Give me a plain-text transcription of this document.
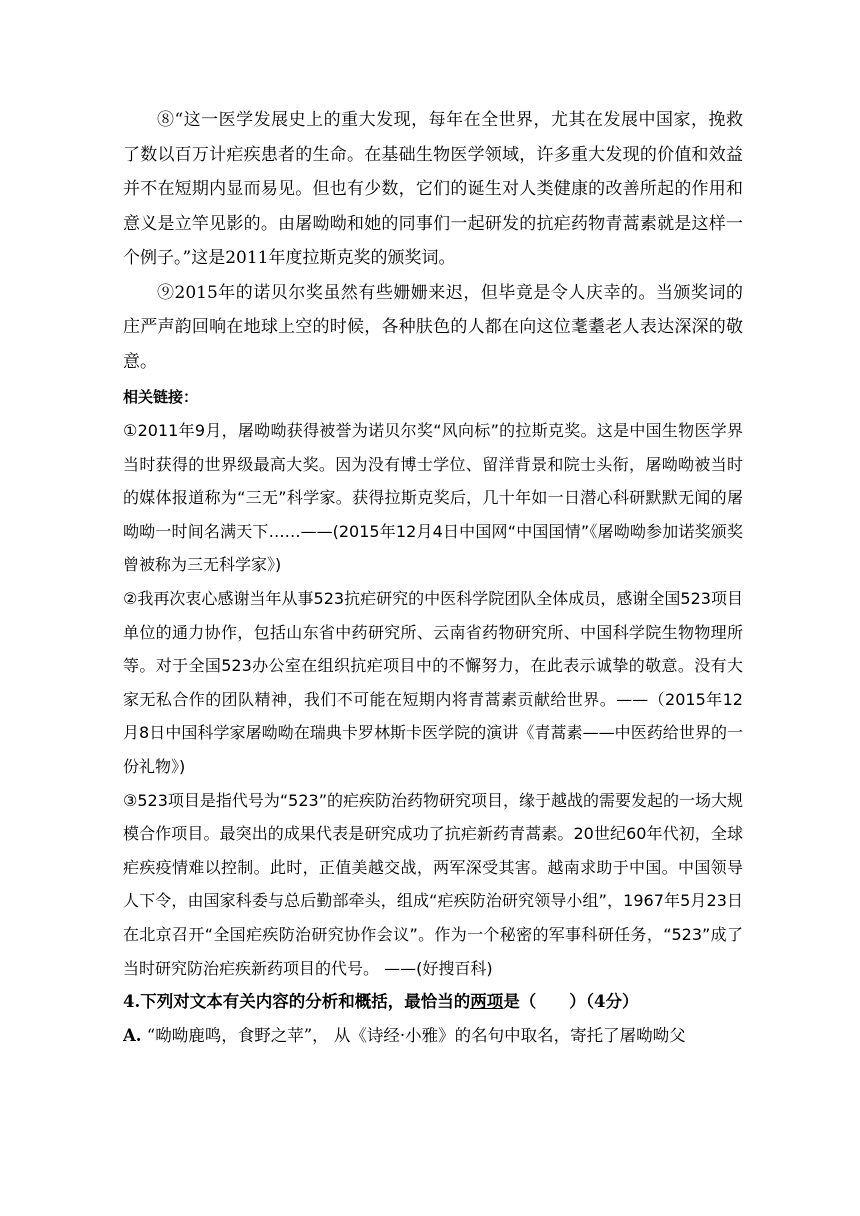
⑧“这一医学发展史上的重大发现，每年在全世界，尤其在发展中国家，挽救了数以百万计疟疾患者的生命。在基础生物医学领域，许多重大发现的价值和效益并不在短期内显而易见。但也有少数，它们的诞生对人类健康的改善所起的作用和意义是立竿见影的。由屠呦呦和她的同事们一起研发的抗疟药物青蒿素就是这样一个例子。”这是2011年度拉斯克奖的颁奖词。

⑨2015年的诺贝尔奖虽然有些姗姗来迟，但毕竟是令人庆幸的。当颁奖词的庄严声韵回响在地球上空的时候，各种肤色的人都在向这位耄耋老人表达深深的敬意。

相关链接：

①2011年9月，屠呦呦获得被誉为诺贝尔奖“风向标”的拉斯克奖。这是中国生物医学界当时获得的世界级最高大奖。因为没有博士学位、留洋背景和院士头衔，屠呦呦被当时的媒体报道称为“三无”科学家。获得拉斯克奖后，几十年如一日潜心科研默默无闻的屠呦呦一时间名满天下……——(2015年12月4日中国网“中国国情”《屠呦呦参加诺奖颁奖曾被称为三无科学家》)

②我再次衷心感谢当年从事523抗疟研究的中医科学院团队全体成员，感谢全国523项目单位的通力协作，包括山东省中药研究所、云南省药物研究所、中国科学院生物物理所等。对于全国523办公室在组织抗疟项目中的不懈努力，在此表示诚挚的敬意。没有大家无私合作的团队精神，我们不可能在短期内将青蒿素贡献给世界。——（2015年12月8日中国科学家屠呦呦在瑞典卡罗林斯卡医学院的演讲《青蒿素——中医药给世界的一份礼物》)

③523项目是指代号为“523”的疟疾防治药物研究项目，缘于越战的需要发起的一场大规模合作项目。最突出的成果代表是研究成功了抗疟新药青蒿素。20世纪60年代初，全球疟疾疫情难以控制。此时，正值美越交战，两军深受其害。越南求助于中国。中国领导人下令，由国家科委与总后勤部牵头，组成“疟疾防治研究领导小组”，1967年5月23日在北京召开“全国疟疾防治研究协作会议”。作为一个秘密的军事科研任务，“523”成了当时研究防治疟疾新药项目的代号。 ——(好搜百科)

4.下列对文本有关内容的分析和概括，最恰当的两项是（　　）（4分）

A. “呦呦鹿鸣，食野之苹”， 从《诗经·小雅》的名句中取名，寄托了屠呦呦父
